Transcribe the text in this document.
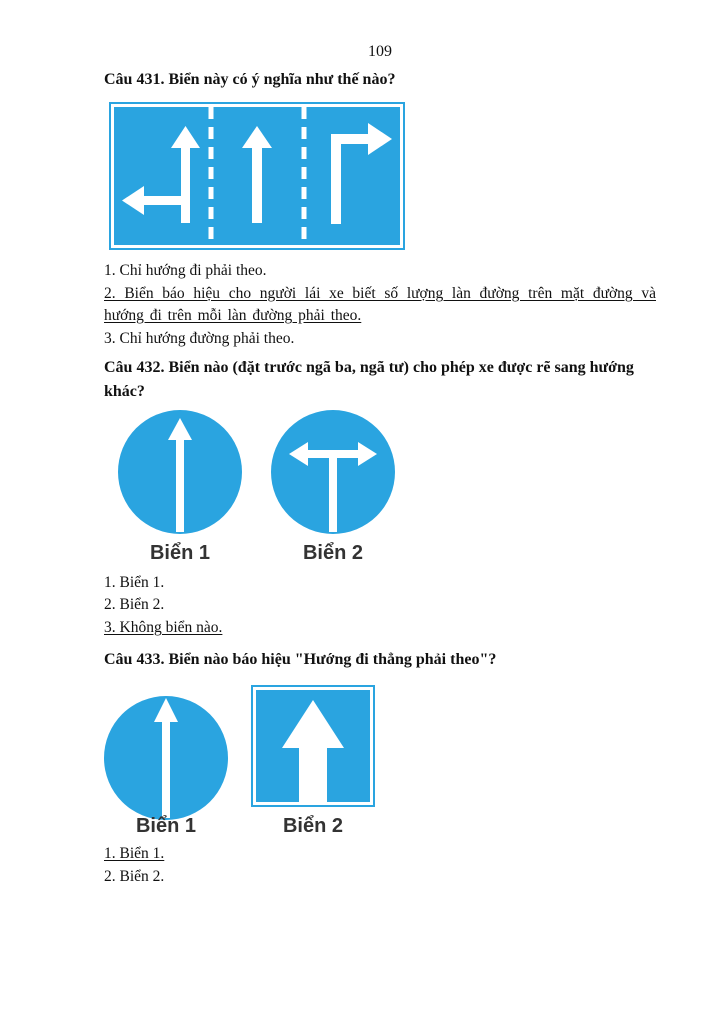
109
Câu 431. Biển này có ý nghĩa như thế nào?
1. Chỉ hướng đi phải theo.
2. Biển báo hiệu cho người lái xe biết số lượng làn đường trên mặt đường và hướng đi trên mỗi làn đường phải theo.
3. Chỉ hướng đường phải theo.
Câu 432. Biển nào (đặt trước ngã ba, ngã tư) cho phép xe được rẽ sang hướng khác?
Biển 1	Biển 2
1. Biển 1.
2. Biển 2.
3. Không biển nào.
Câu 433. Biển nào báo hiệu "Hướng đi thẳng phải theo"?
Biển 1	Biển 2
1. Biển 1.
2. Biển 2.
